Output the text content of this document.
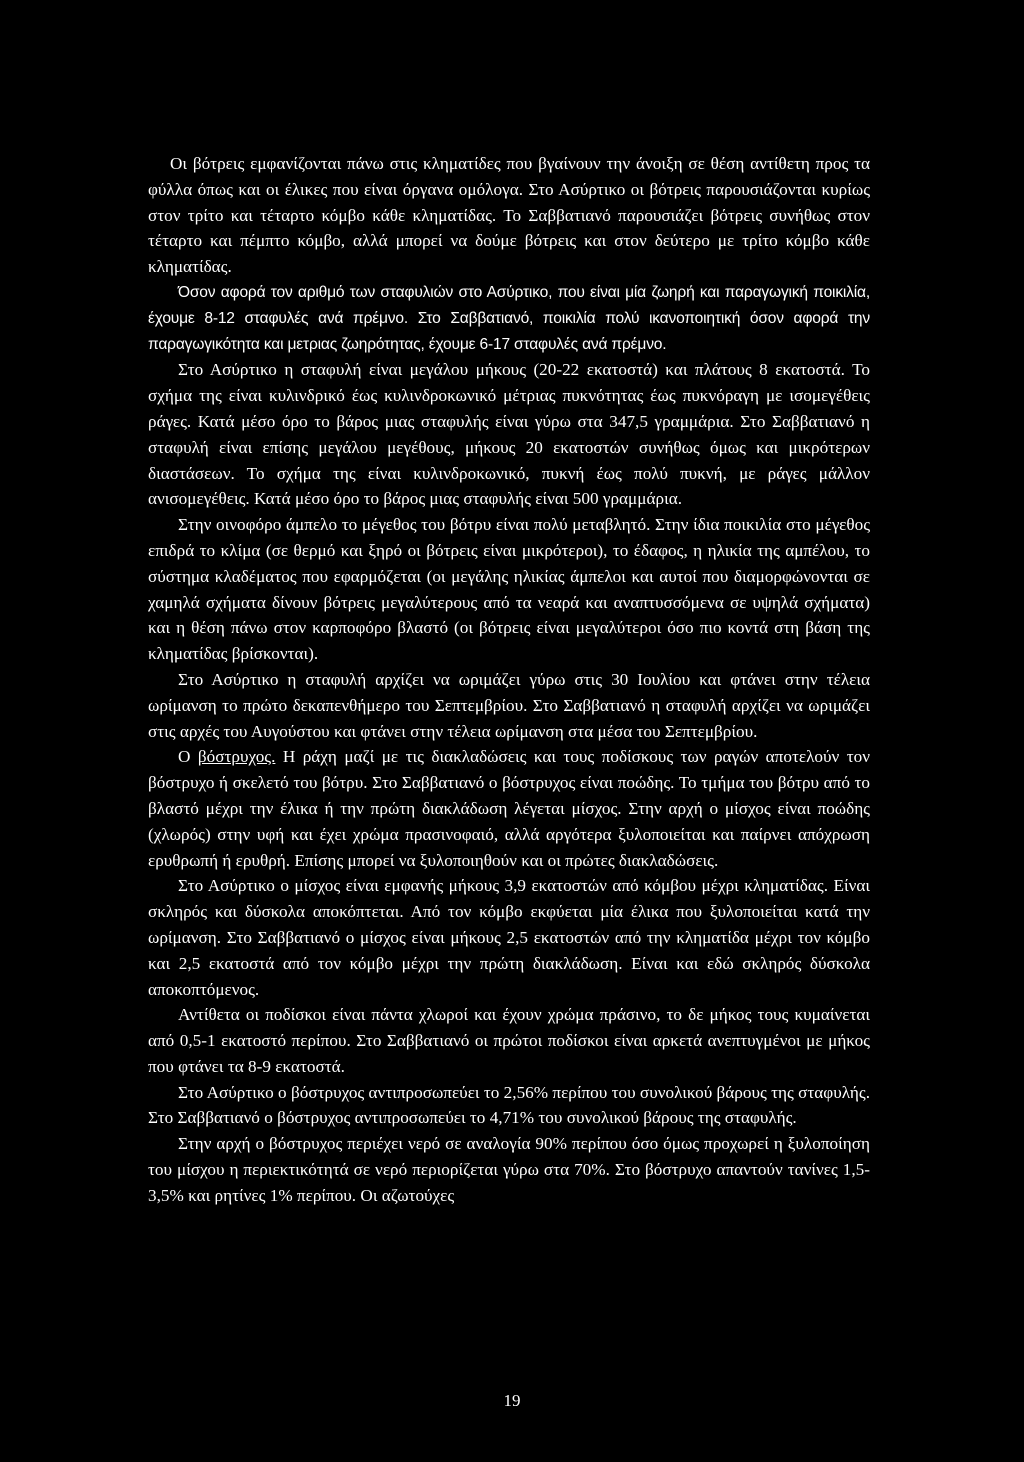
Οι βότρεις εμφανίζονται πάνω στις κληματίδες που βγαίνουν την άνοιξη σε θέση αντίθετη προς τα φύλλα όπως και οι έλικες που είναι όργανα ομόλογα. Στο Ασύρτικο οι βότρεις παρουσιάζονται κυρίως στον τρίτο και τέταρτο κόμβο κάθε κληματίδας. Το Σαββατιανό παρουσιάζει βότρεις συνήθως στον τέταρτο και πέμπτο κόμβο, αλλά μπορεί να δούμε βότρεις και στον δεύτερο με τρίτο κόμβο κάθε κληματίδας.

Όσον αφορά τον αριθμό των σταφυλιών στο Ασύρτικο, που είναι μία ζωηρή και παραγωγική ποικιλία, έχουμε 8-12 σταφυλές ανά πρέμνο. Στο Σαββατιανό, ποικιλία πολύ ικανοποιητική όσον αφορά την παραγωγικότητα και μετριας ζωηρότητας, έχουμε 6-17 σταφυλές ανά πρέμνο.

Στο Ασύρτικο η σταφυλή είναι μεγάλου μήκους (20-22 εκατοστά) και πλάτους 8 εκατοστά. Το σχήμα της είναι κυλινδρικό έως κυλινδροκωνικό μέτριας πυκνότητας έως πυκνόραγη με ισομεγέθεις ράγες. Κατά μέσο όρο το βάρος μιας σταφυλής είναι γύρω στα 347,5 γραμμάρια. Στο Σαββατιανό η σταφυλή είναι επίσης μεγάλου μεγέθους, μήκους 20 εκατοστών συνήθως όμως και μικρότερων διαστάσεων. Το σχήμα της είναι κυλινδροκωνικό, πυκνή έως πολύ πυκνή, με ράγες μάλλον ανισομεγέθεις. Κατά μέσο όρο το βάρος μιας σταφυλής είναι 500 γραμμάρια.

Στην οινοφόρο άμπελο το μέγεθος του βότρυ είναι πολύ μεταβλητό. Στην ίδια ποικιλία στο μέγεθος επιδρά το κλίμα (σε θερμό και ξηρό οι βότρεις είναι μικρότεροι), το έδαφος, η ηλικία της αμπέλου, το σύστημα κλαδέματος που εφαρμόζεται (οι μεγάλης ηλικίας άμπελοι και αυτοί που διαμορφώνονται σε χαμηλά σχήματα δίνουν βότρεις μεγαλύτερους από τα νεαρά και αναπτυσσόμενα σε υψηλά σχήματα) και η θέση πάνω στον καρποφόρο βλαστό (οι βότρεις είναι μεγαλύτεροι όσο πιο κοντά στη βάση της κληματίδας βρίσκονται).

Στο Ασύρτικο η σταφυλή αρχίζει να ωριμάζει γύρω στις 30 Ιουλίου και φτάνει στην τέλεια ωρίμανση το πρώτο δεκαπενθήμερο του Σεπτεμβρίου. Στο Σαββατιανό η σταφυλή αρχίζει να ωριμάζει στις αρχές του Αυγούστου και φτάνει στην τέλεια ωρίμανση στα μέσα του Σεπτεμβρίου.

Ο βόστρυχος. Η ράχη μαζί με τις διακλαδώσεις και τους ποδίσκους των ραγών αποτελούν τον βόστρυχο ή σκελετό του βότρυ. Στο Σαββατιανό ο βόστρυχος είναι ποώδης. Το τμήμα του βότρυ από το βλαστό μέχρι την έλικα ή την πρώτη διακλάδωση λέγεται μίσχος. Στην αρχή ο μίσχος είναι ποώδης (χλωρός) στην υφή και έχει χρώμα πρασινοφαιό, αλλά αργότερα ξυλοποιείται και παίρνει απόχρωση ερυθρωπή ή ερυθρή. Επίσης μπορεί να ξυλοποιηθούν και οι πρώτες διακλαδώσεις.

Στο Ασύρτικο ο μίσχος είναι εμφανής μήκους 3,9 εκατοστών από κόμβου μέχρι κληματίδας. Είναι σκληρός και δύσκολα αποκόπτεται. Από τον κόμβο εκφύεται μία έλικα που ξυλοποιείται κατά την ωρίμανση. Στο Σαββατιανό ο μίσχος είναι μήκους 2,5 εκατοστών από την κληματίδα μέχρι τον κόμβο και 2,5 εκατοστά από τον κόμβο μέχρι την πρώτη διακλάδωση. Είναι και εδώ σκληρός δύσκολα αποκοπτόμενος.

Αντίθετα οι ποδίσκοι είναι πάντα χλωροί και έχουν χρώμα πράσινο, το δε μήκος τους κυμαίνεται από 0,5-1 εκατοστό περίπου. Στο Σαββατιανό οι πρώτοι ποδίσκοι είναι αρκετά ανεπτυγμένοι με μήκος που φτάνει τα 8-9 εκατοστά.

Στο Ασύρτικο ο βόστρυχος αντιπροσωπεύει το 2,56% περίπου του συνολικού βάρους της σταφυλής. Στο Σαββατιανό ο βόστρυχος αντιπροσωπεύει το 4,71% του συνολικού βάρους της σταφυλής.

Στην αρχή ο βόστρυχος περιέχει νερό σε αναλογία 90% περίπου όσο όμως προχωρεί η ξυλοποίηση του μίσχου η περιεκτικότητά σε νερό περιορίζεται γύρω στα 70%. Στο βόστρυχο απαντούν τανίνες 1,5-3,5% και ρητίνες 1% περίπου. Οι αζωτούχες

19
